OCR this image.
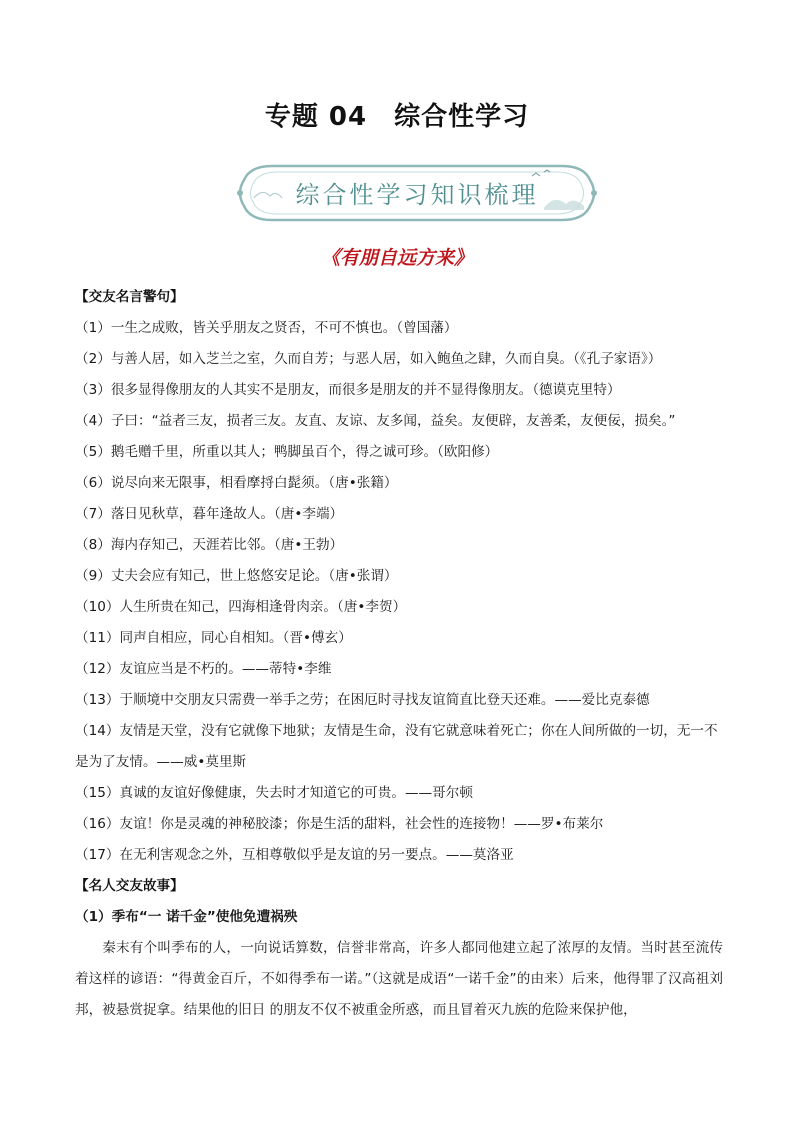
专题 04　综合性学习
综合性学习知识梳理
《有朋自远方来》
【交友名言警句】
（1）一生之成败，皆关乎朋友之贤否，不可不慎也。（曾国藩）
（2）与善人居，如入芝兰之室，久而自芳；与恶人居，如入鲍鱼之肆，久而自臭。（《孔子家语》）
（3）很多显得像朋友的人其实不是朋友，而很多是朋友的并不显得像朋友。（德谟克里特）
（4）子曰：“益者三友，损者三友。友直、友谅、友多闻，益矣。友便辟，友善柔，友便佞，损矣。”
（5）鹅毛赠千里，所重以其人；鸭脚虽百个，得之诚可珍。（欧阳修）
（6）说尽向来无限事，相看摩捋白髭须。（唐•张籍）
（7）落日见秋草，暮年逢故人。（唐•李端）
（8）海内存知己，天涯若比邻。（唐•王勃）
（9）丈夫会应有知己，世上悠悠安足论。（唐•张谓）
（10）人生所贵在知己，四海相逢骨肉亲。（唐•李贺）
（11）同声自相应，同心自相知。（晋•傅玄）
（12）友谊应当是不朽的。——蒂特•李维
（13）于顺境中交朋友只需费一举手之劳；在困厄时寻找友谊简直比登天还难。——爱比克泰德
（14）友情是天堂，没有它就像下地狱；友情是生命，没有它就意味着死亡；你在人间所做的一切，无一不是为了友情。——威•莫里斯
（15）真诚的友谊好像健康，失去时才知道它的可贵。——哥尔顿
（16）友谊！你是灵魂的神秘胶漆；你是生活的甜料，社会性的连接物！——罗•布莱尔
（17）在无利害观念之外，互相尊敬似乎是友谊的另一要点。——莫洛亚
【名人交友故事】
（1）季布“一 诺千金”使他免遭祸殃
秦末有个叫季布的人，一向说话算数，信誉非常高，许多人都同他建立起了浓厚的友情。当时甚至流传着这样的谚语：“得黄金百斤，不如得季布一诺。”（这就是成语“一诺千金”的由来）后来，他得罪了汉高祖刘邦，被悬赏捉拿。结果他的旧日 的朋友不仅不被重金所惑，而且冒着灭九族的危险来保护他，
